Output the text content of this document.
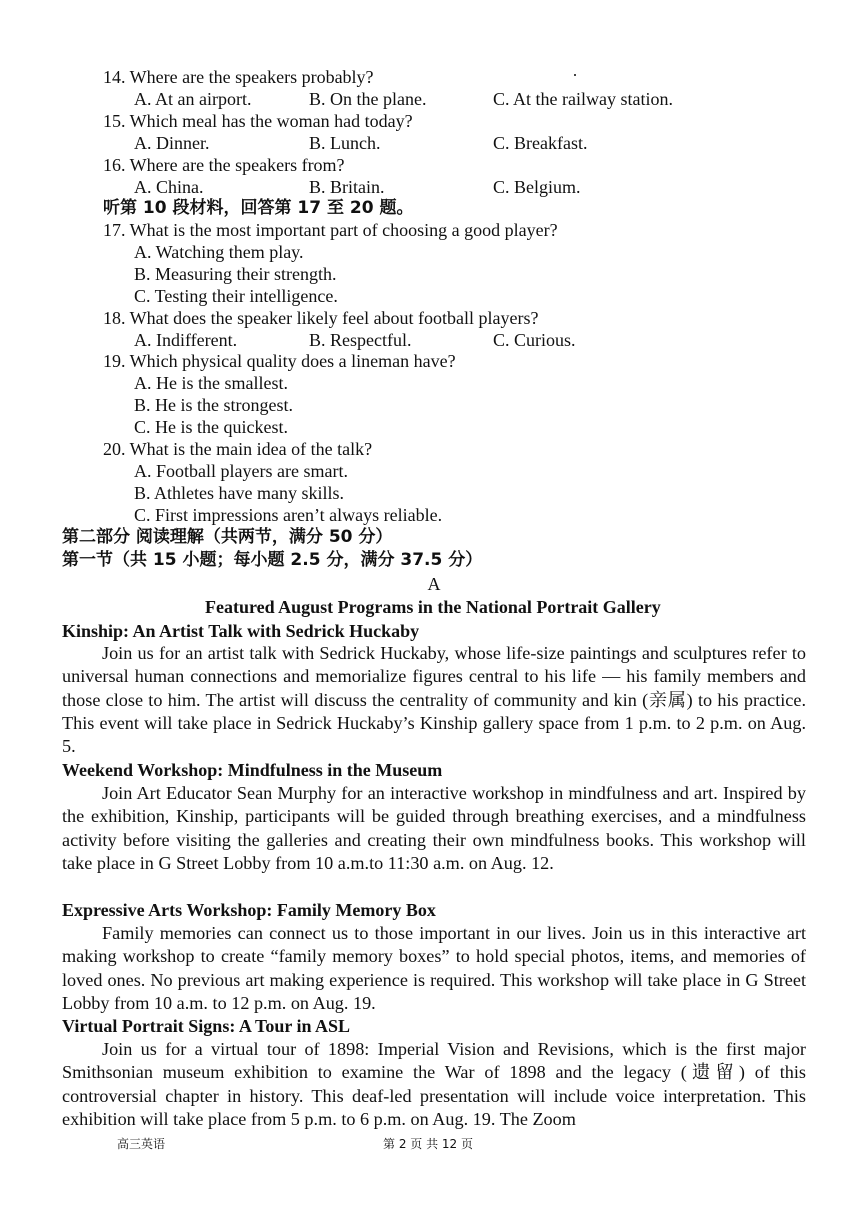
14. Where are the speakers probably?
A. At an airport.	B. On the plane.	C. At the railway station.
15. Which meal has the woman had today?
A. Dinner.	B. Lunch.	C. Breakfast.
16. Where are the speakers from?
A. China.	B. Britain.	C. Belgium.
听第 10 段材料，回答第 17 至 20 题。
17. What is the most important part of choosing a good player?
A. Watching them play.
B. Measuring their strength.
C. Testing their intelligence.
18. What does the speaker likely feel about football players?
A. Indifferent.	B. Respectful.	C. Curious.
19. Which physical quality does a lineman have?
A. He is the smallest.
B. He is the strongest.
C. He is the quickest.
20. What is the main idea of the talk?
A. Football players are smart.
B. Athletes have many skills.
C. First impressions aren’t always reliable.
第二部分 阅读理解（共两节，满分 50 分）
第一节（共 15 小题；每小题 2.5 分，满分 37.5 分）
A
Featured August Programs in the National Portrait Gallery
Kinship: An Artist Talk with Sedrick Huckaby

Join us for an artist talk with Sedrick Huckaby, whose life-size paintings and sculptures refer to universal human connections and memorialize figures central to his life — his family members and those close to him. The artist will discuss the centrality of community and kin (亲属) to his practice. This event will take place in Sedrick Huckaby’s Kinship gallery space from 1 p.m. to 2 p.m. on Aug. 5.

Weekend Workshop: Mindfulness in the Museum

Join Art Educator Sean Murphy for an interactive workshop in mindfulness and art. Inspired by the exhibition, Kinship, participants will be guided through breathing exercises, and a mindfulness activity before visiting the galleries and creating their own mindfulness books. This workshop will take place in G Street Lobby from 10 a.m.to 11:30 a.m. on Aug. 12.

Expressive Arts Workshop: Family Memory Box

Family memories can connect us to those important in our lives. Join us in this interactive art making workshop to create “family memory boxes” to hold special photos, items, and memories of loved ones. No previous art making experience is required. This workshop will take place in G Street Lobby from 10 a.m. to 12 p.m. on Aug. 19.

Virtual Portrait Signs: A Tour in ASL

Join us for a virtual tour of 1898: Imperial Vision and Revisions, which is the first major Smithsonian museum exhibition to examine the War of 1898 and the legacy (遗留) of this controversial chapter in history. This deaf-led presentation will include voice interpretation. This exhibition will take place from 5 p.m. to 6 p.m. on Aug. 19. The Zoom

高三英语	第 2 页 共 12 页
